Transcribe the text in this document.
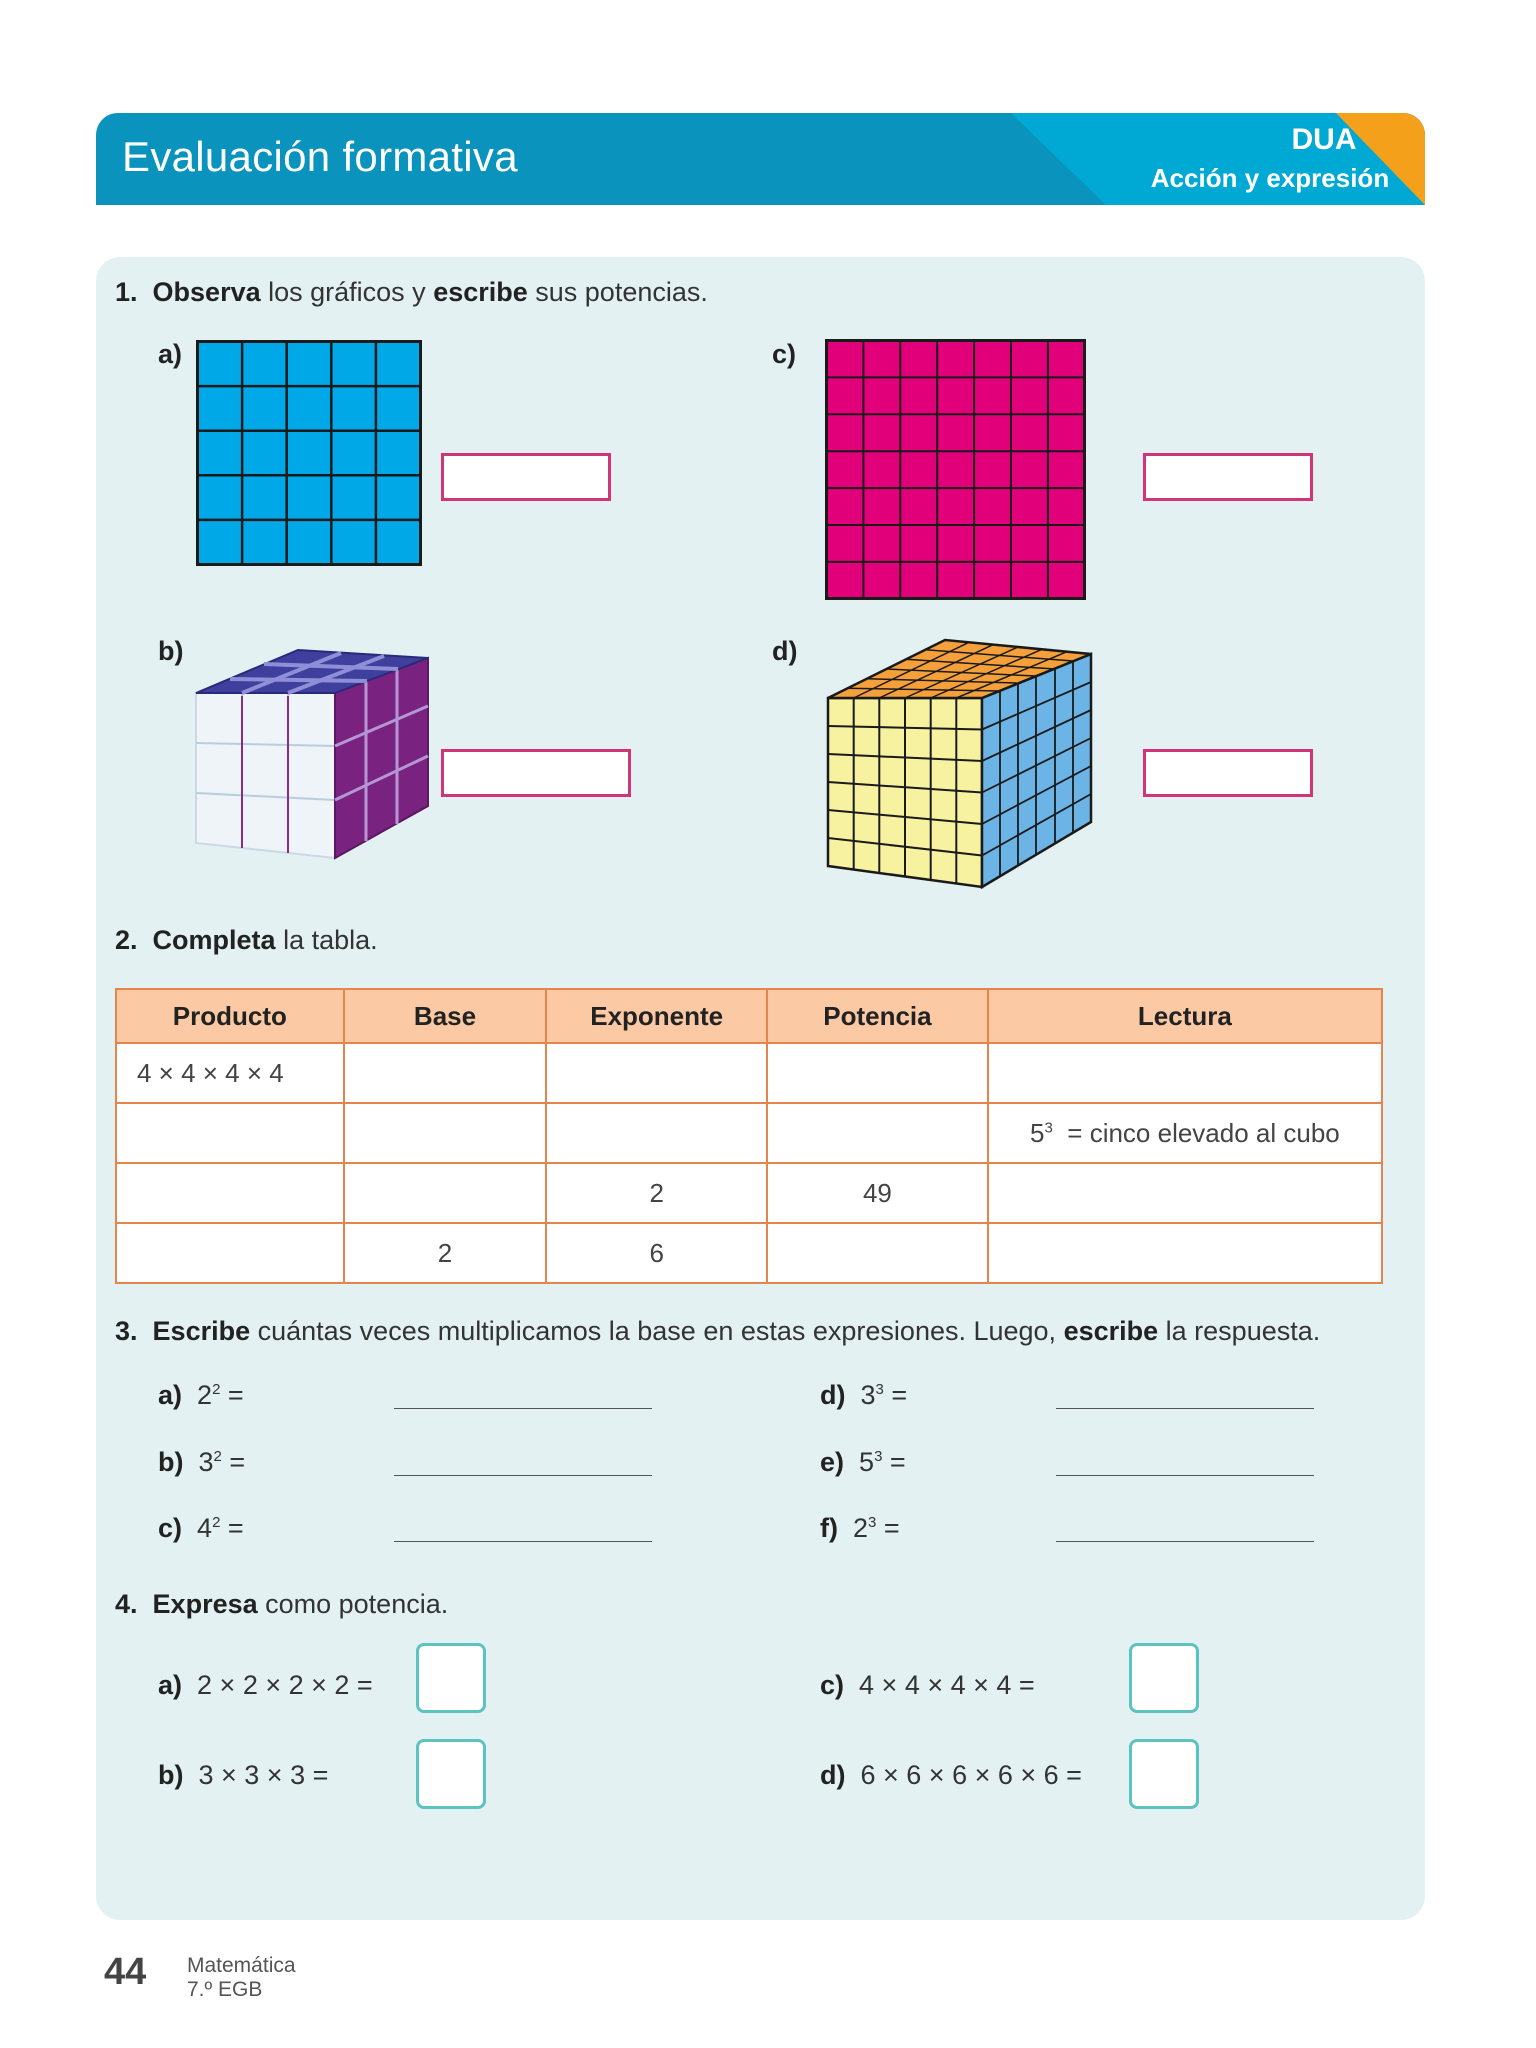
Evaluación formativa	DUA
Acción y expresión
1. Observa los gráficos y escribe sus potencias.
a)
b)
c)
d)
2. Completa la tabla.
Producto	Base	Exponente	Potencia	Lectura
4 × 4 × 4 × 4				
				$5^3$ = cinco elevado al cubo
		2	49	
	2	6		
3. Escribe cuántas veces multiplicamos la base en estas expresiones. Luego, escribe la respuesta.
a) $2^2$ =
b) $3^2$ =
c) $4^2$ =
d) $3^3$ =
e) $5^3$ =
f) $2^3$ =
4. Expresa como potencia.
a) 2 × 2 × 2 × 2 =
b) 3 × 3 × 3 =
c) 4 × 4 × 4 × 4 =
d) 6 × 6 × 6 × 6 × 6 =
44 Matemática
7.º EGB
